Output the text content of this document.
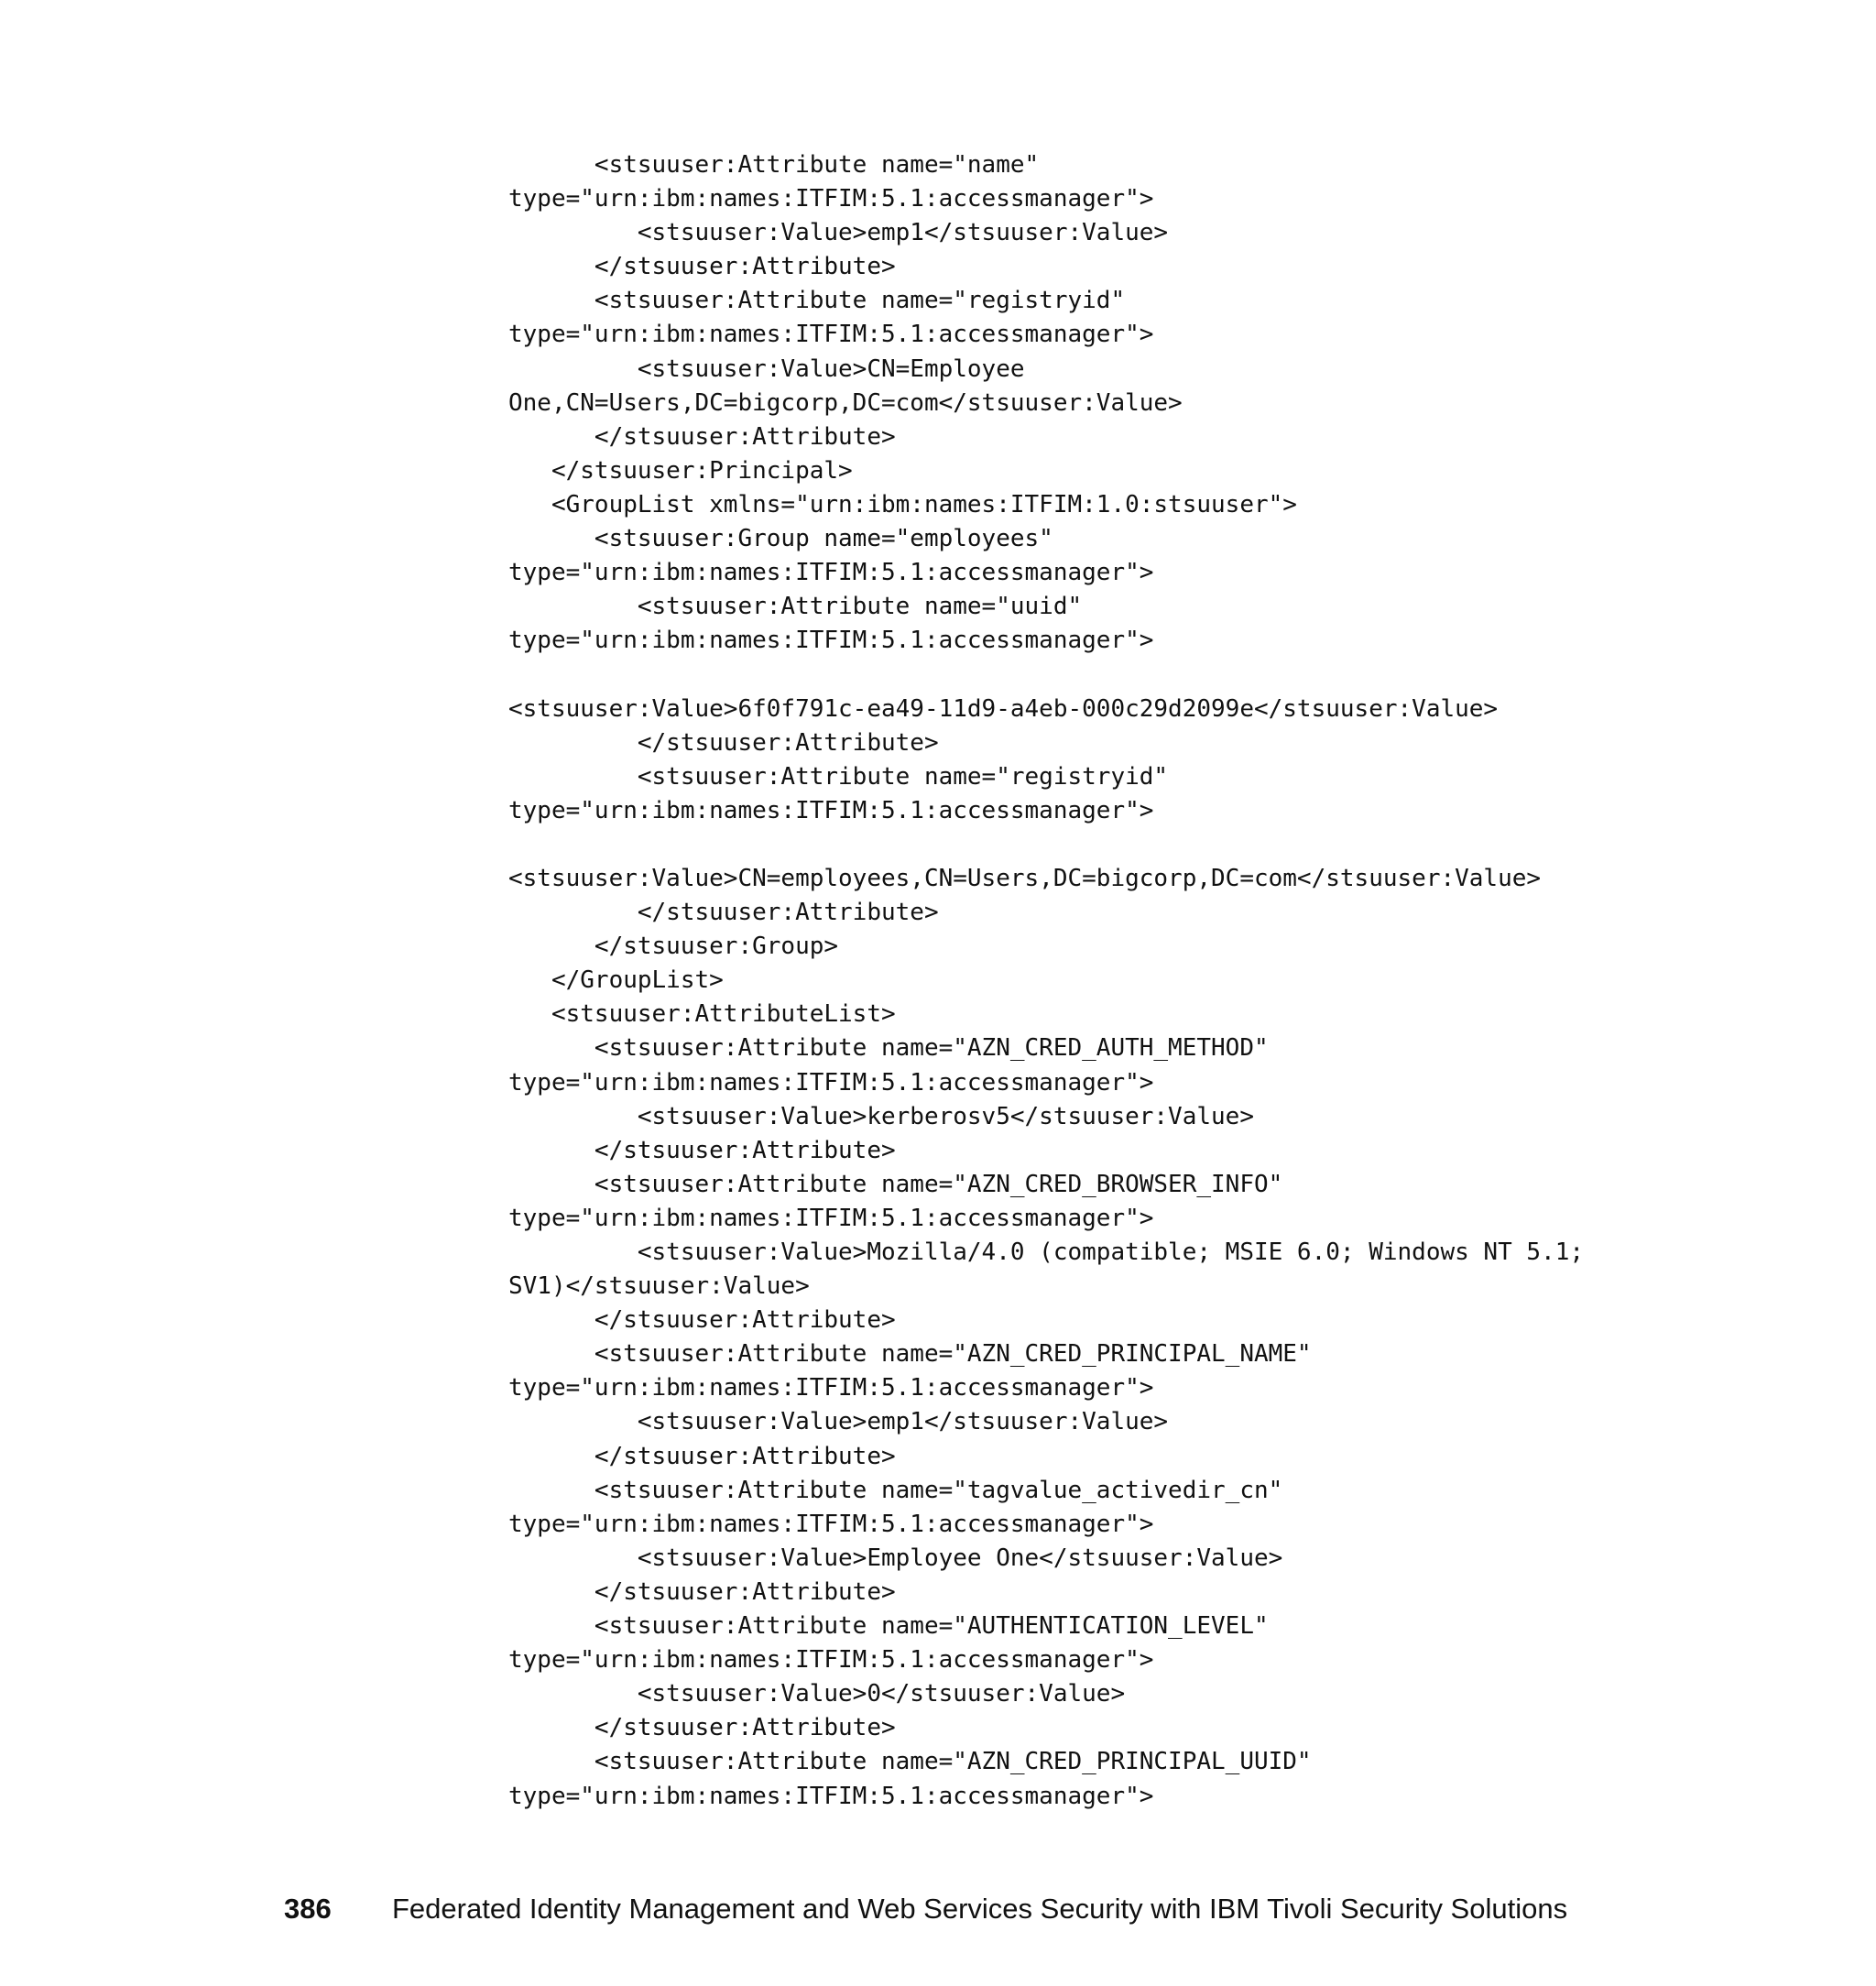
<stsuuser:Attribute name="name"
type="urn:ibm:names:ITFIM:5.1:accessmanager">
<stsuuser:Value>emp1</stsuuser:Value>
</stsuuser:Attribute>
<stsuuser:Attribute name="registryid"
type="urn:ibm:names:ITFIM:5.1:accessmanager">
<stsuuser:Value>CN=Employee
One,CN=Users,DC=bigcorp,DC=com</stsuuser:Value>
</stsuuser:Attribute>
</stsuuser:Principal>
<GroupList xmlns="urn:ibm:names:ITFIM:1.0:stsuuser">
<stsuuser:Group name="employees"
type="urn:ibm:names:ITFIM:5.1:accessmanager">
<stsuuser:Attribute name="uuid"
type="urn:ibm:names:ITFIM:5.1:accessmanager">
<stsuuser:Value>6f0f791c-ea49-11d9-a4eb-000c29d2099e</stsuuser:Value>
</stsuuser:Attribute>
<stsuuser:Attribute name="registryid"
type="urn:ibm:names:ITFIM:5.1:accessmanager">
<stsuuser:Value>CN=employees,CN=Users,DC=bigcorp,DC=com</stsuuser:Value>
</stsuuser:Attribute>
</stsuuser:Group>
</GroupList>
<stsuuser:AttributeList>
<stsuuser:Attribute name="AZN_CRED_AUTH_METHOD"
type="urn:ibm:names:ITFIM:5.1:accessmanager">
<stsuuser:Value>kerberosv5</stsuuser:Value>
</stsuuser:Attribute>
<stsuuser:Attribute name="AZN_CRED_BROWSER_INFO"
type="urn:ibm:names:ITFIM:5.1:accessmanager">
<stsuuser:Value>Mozilla/4.0 (compatible; MSIE 6.0; Windows NT 5.1;
SV1)</stsuuser:Value>
</stsuuser:Attribute>
<stsuuser:Attribute name="AZN_CRED_PRINCIPAL_NAME"
type="urn:ibm:names:ITFIM:5.1:accessmanager">
<stsuuser:Value>emp1</stsuuser:Value>
</stsuuser:Attribute>
<stsuuser:Attribute name="tagvalue_activedir_cn"
type="urn:ibm:names:ITFIM:5.1:accessmanager">
<stsuuser:Value>Employee One</stsuuser:Value>
</stsuuser:Attribute>
<stsuuser:Attribute name="AUTHENTICATION_LEVEL"
type="urn:ibm:names:ITFIM:5.1:accessmanager">
<stsuuser:Value>0</stsuuser:Value>
</stsuuser:Attribute>
<stsuuser:Attribute name="AZN_CRED_PRINCIPAL_UUID"
type="urn:ibm:names:ITFIM:5.1:accessmanager">
386 Federated Identity Management and Web Services Security with IBM Tivoli Security Solutions
